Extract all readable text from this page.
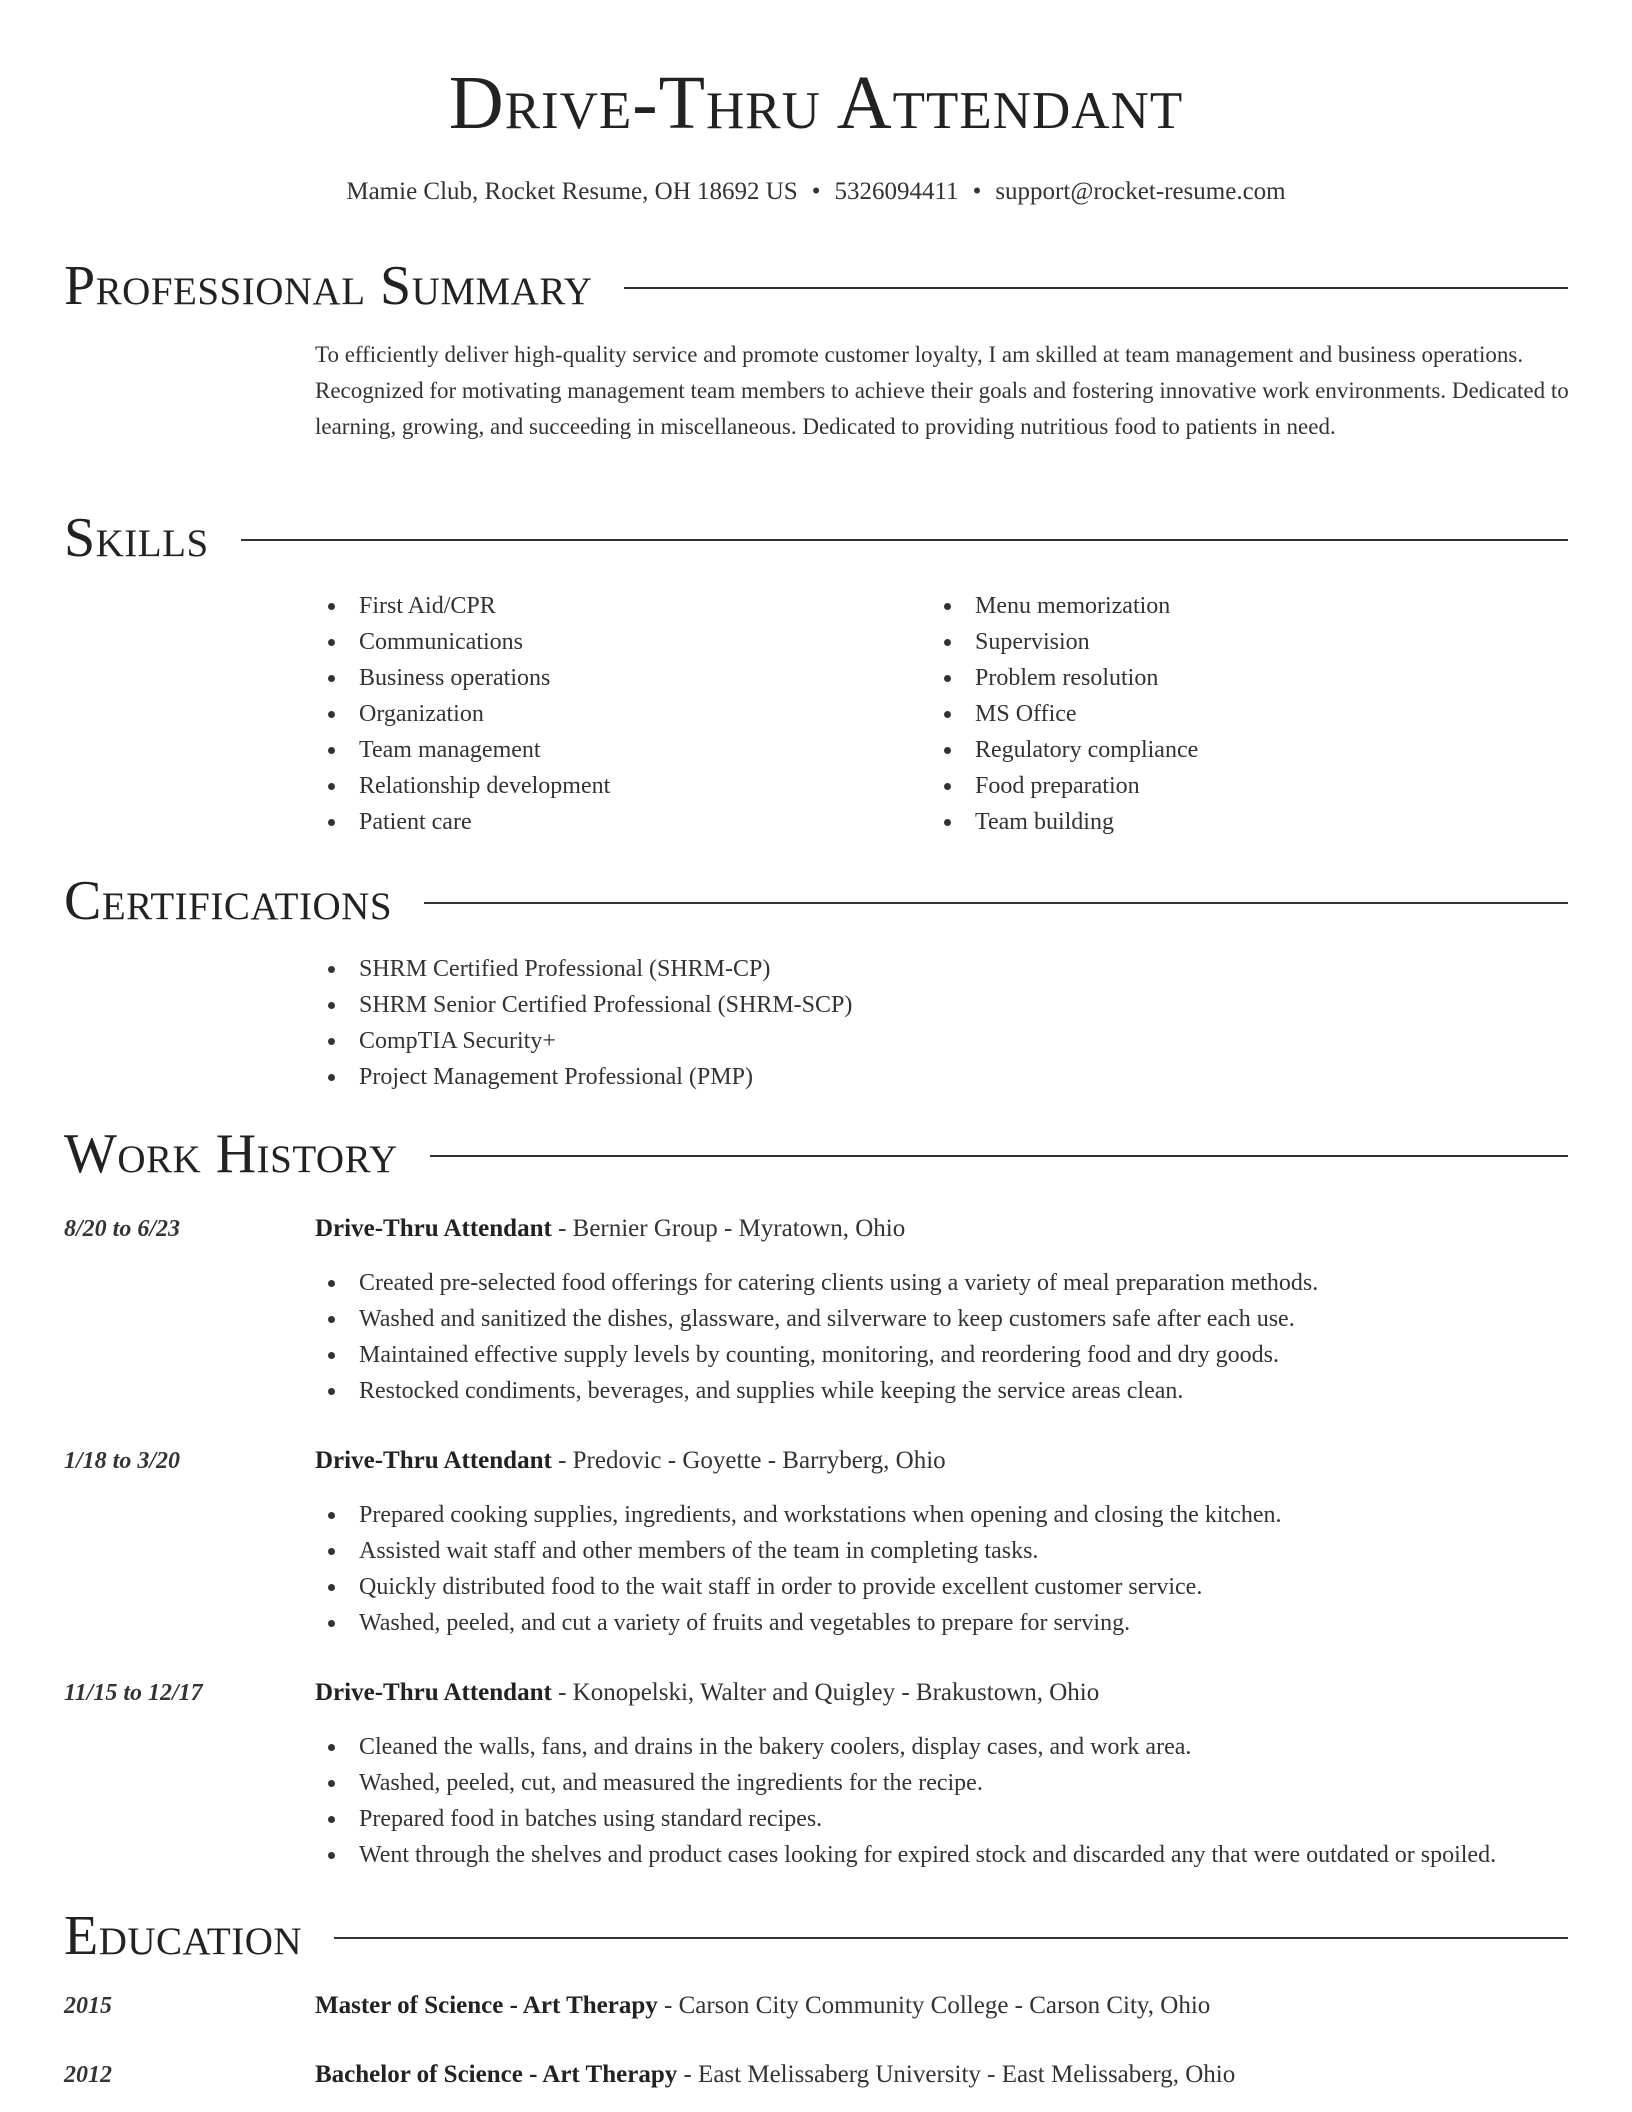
Drive-Thru Attendant
Mamie Club, Rocket Resume, OH 18692 US • 5326094411 • support@rocket-resume.com
Professional Summary
To efficiently deliver high-quality service and promote customer loyalty, I am skilled at team management and business operations. Recognized for motivating management team members to achieve their goals and fostering innovative work environments. Dedicated to learning, growing, and succeeding in miscellaneous. Dedicated to providing nutritious food to patients in need.
Skills
First Aid/CPR
Communications
Business operations
Organization
Team management
Relationship development
Patient care
Menu memorization
Supervision
Problem resolution
MS Office
Regulatory compliance
Food preparation
Team building
Certifications
SHRM Certified Professional (SHRM-CP)
SHRM Senior Certified Professional (SHRM-SCP)
CompTIA Security+
Project Management Professional (PMP)
Work History
8/20 to 6/23	Drive-Thru Attendant - Bernier Group - Myratown, Ohio
Created pre-selected food offerings for catering clients using a variety of meal preparation methods.
Washed and sanitized the dishes, glassware, and silverware to keep customers safe after each use.
Maintained effective supply levels by counting, monitoring, and reordering food and dry goods.
Restocked condiments, beverages, and supplies while keeping the service areas clean.
1/18 to 3/20	Drive-Thru Attendant - Predovic - Goyette - Barryberg, Ohio
Prepared cooking supplies, ingredients, and workstations when opening and closing the kitchen.
Assisted wait staff and other members of the team in completing tasks.
Quickly distributed food to the wait staff in order to provide excellent customer service.
Washed, peeled, and cut a variety of fruits and vegetables to prepare for serving.
11/15 to 12/17	Drive-Thru Attendant - Konopelski, Walter and Quigley - Brakustown, Ohio
Cleaned the walls, fans, and drains in the bakery coolers, display cases, and work area.
Washed, peeled, cut, and measured the ingredients for the recipe.
Prepared food in batches using standard recipes.
Went through the shelves and product cases looking for expired stock and discarded any that were outdated or spoiled.
Education
2015	Master of Science - Art Therapy - Carson City Community College - Carson City, Ohio
2012	Bachelor of Science - Art Therapy - East Melissaberg University - East Melissaberg, Ohio
